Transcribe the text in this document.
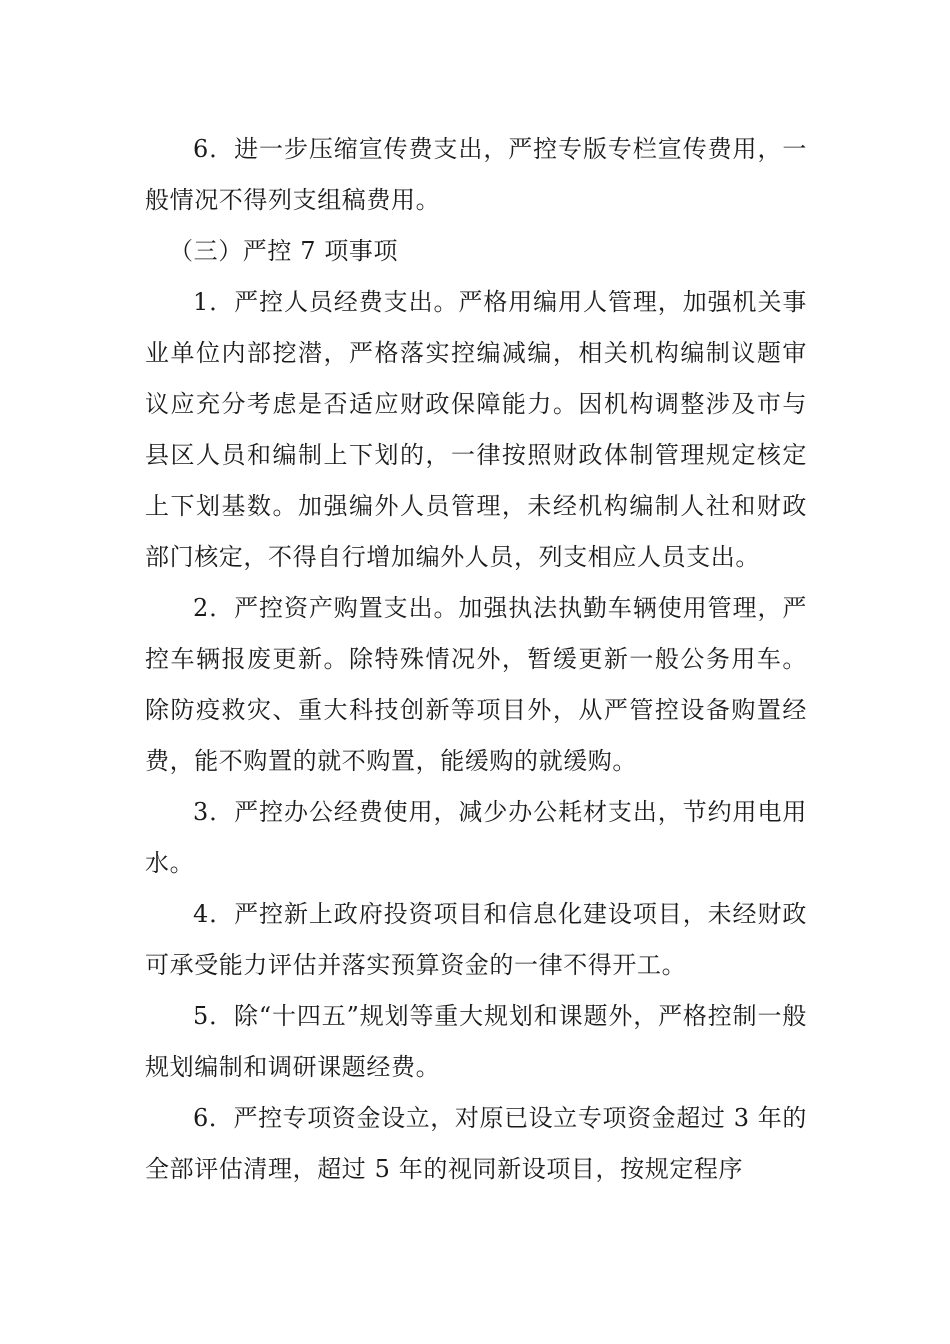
6．进一步压缩宣传费支出，严控专版专栏宣传费用，一般情况不得列支组稿费用。

（三）严控 7 项事项

1．严控人员经费支出。严格用编用人管理，加强机关事业单位内部挖潜，严格落实控编减编，相关机构编制议题审议应充分考虑是否适应财政保障能力。因机构调整涉及市与县区人员和编制上下划的，一律按照财政体制管理规定核定上下划基数。加强编外人员管理，未经机构编制人社和财政部门核定，不得自行增加编外人员，列支相应人员支出。

2．严控资产购置支出。加强执法执勤车辆使用管理，严控车辆报废更新。除特殊情况外，暂缓更新一般公务用车。除防疫救灾、重大科技创新等项目外，从严管控设备购置经费，能不购置的就不购置，能缓购的就缓购。

3．严控办公经费使用，减少办公耗材支出，节约用电用水。

4．严控新上政府投资项目和信息化建设项目，未经财政可承受能力评估并落实预算资金的一律不得开工。

5．除“十四五”规划等重大规划和课题外，严格控制一般规划编制和调研课题经费。

6．严控专项资金设立，对原已设立专项资金超过 3 年的全部评估清理，超过 5 年的视同新设项目，按规定程序
